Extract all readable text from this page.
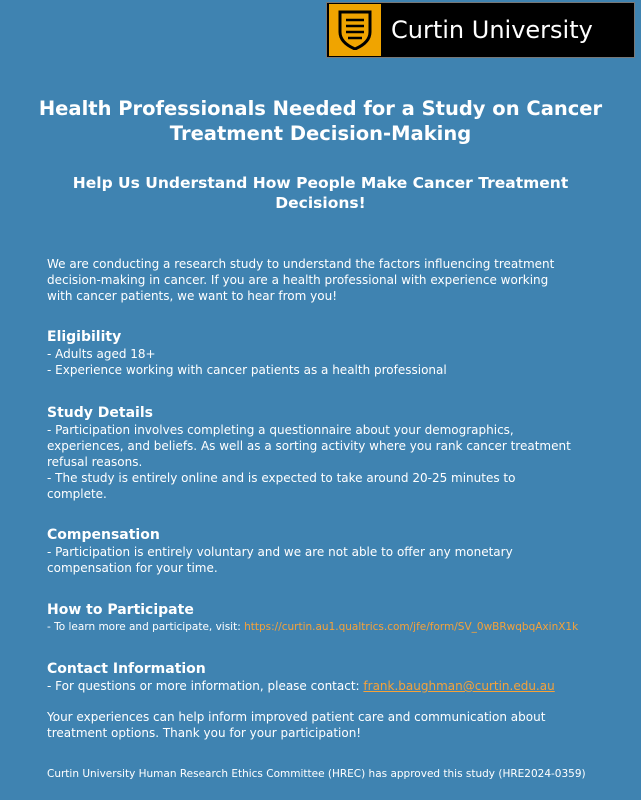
Curtin University
Health Professionals Needed for a Study on Cancer
Treatment Decision-Making
Help Us Understand How People Make Cancer Treatment
Decisions!
We are conducting a research study to understand the factors influencing treatment
decision-making in cancer. If you are a health professional with experience working
with cancer patients, we want to hear from you!
Eligibility
- Adults aged 18+
- Experience working with cancer patients as a health professional
Study Details
- Participation involves completing a questionnaire about your demographics,
experiences, and beliefs. As well as a sorting activity where you rank cancer treatment
refusal reasons.
- The study is entirely online and is expected to take around 20-25 minutes to
complete.
Compensation
- Participation is entirely voluntary and we are not able to offer any monetary
compensation for your time.
How to Participate
- To learn more and participate, visit: https://curtin.au1.qualtrics.com/jfe/form/SV_0wBRwqbqAxinX1k
Contact Information
- For questions or more information, please contact: frank.baughman@curtin.edu.au
Your experiences can help inform improved patient care and communication about
treatment options. Thank you for your participation!
Curtin University Human Research Ethics Committee (HREC) has approved this study (HRE2024-0359)
